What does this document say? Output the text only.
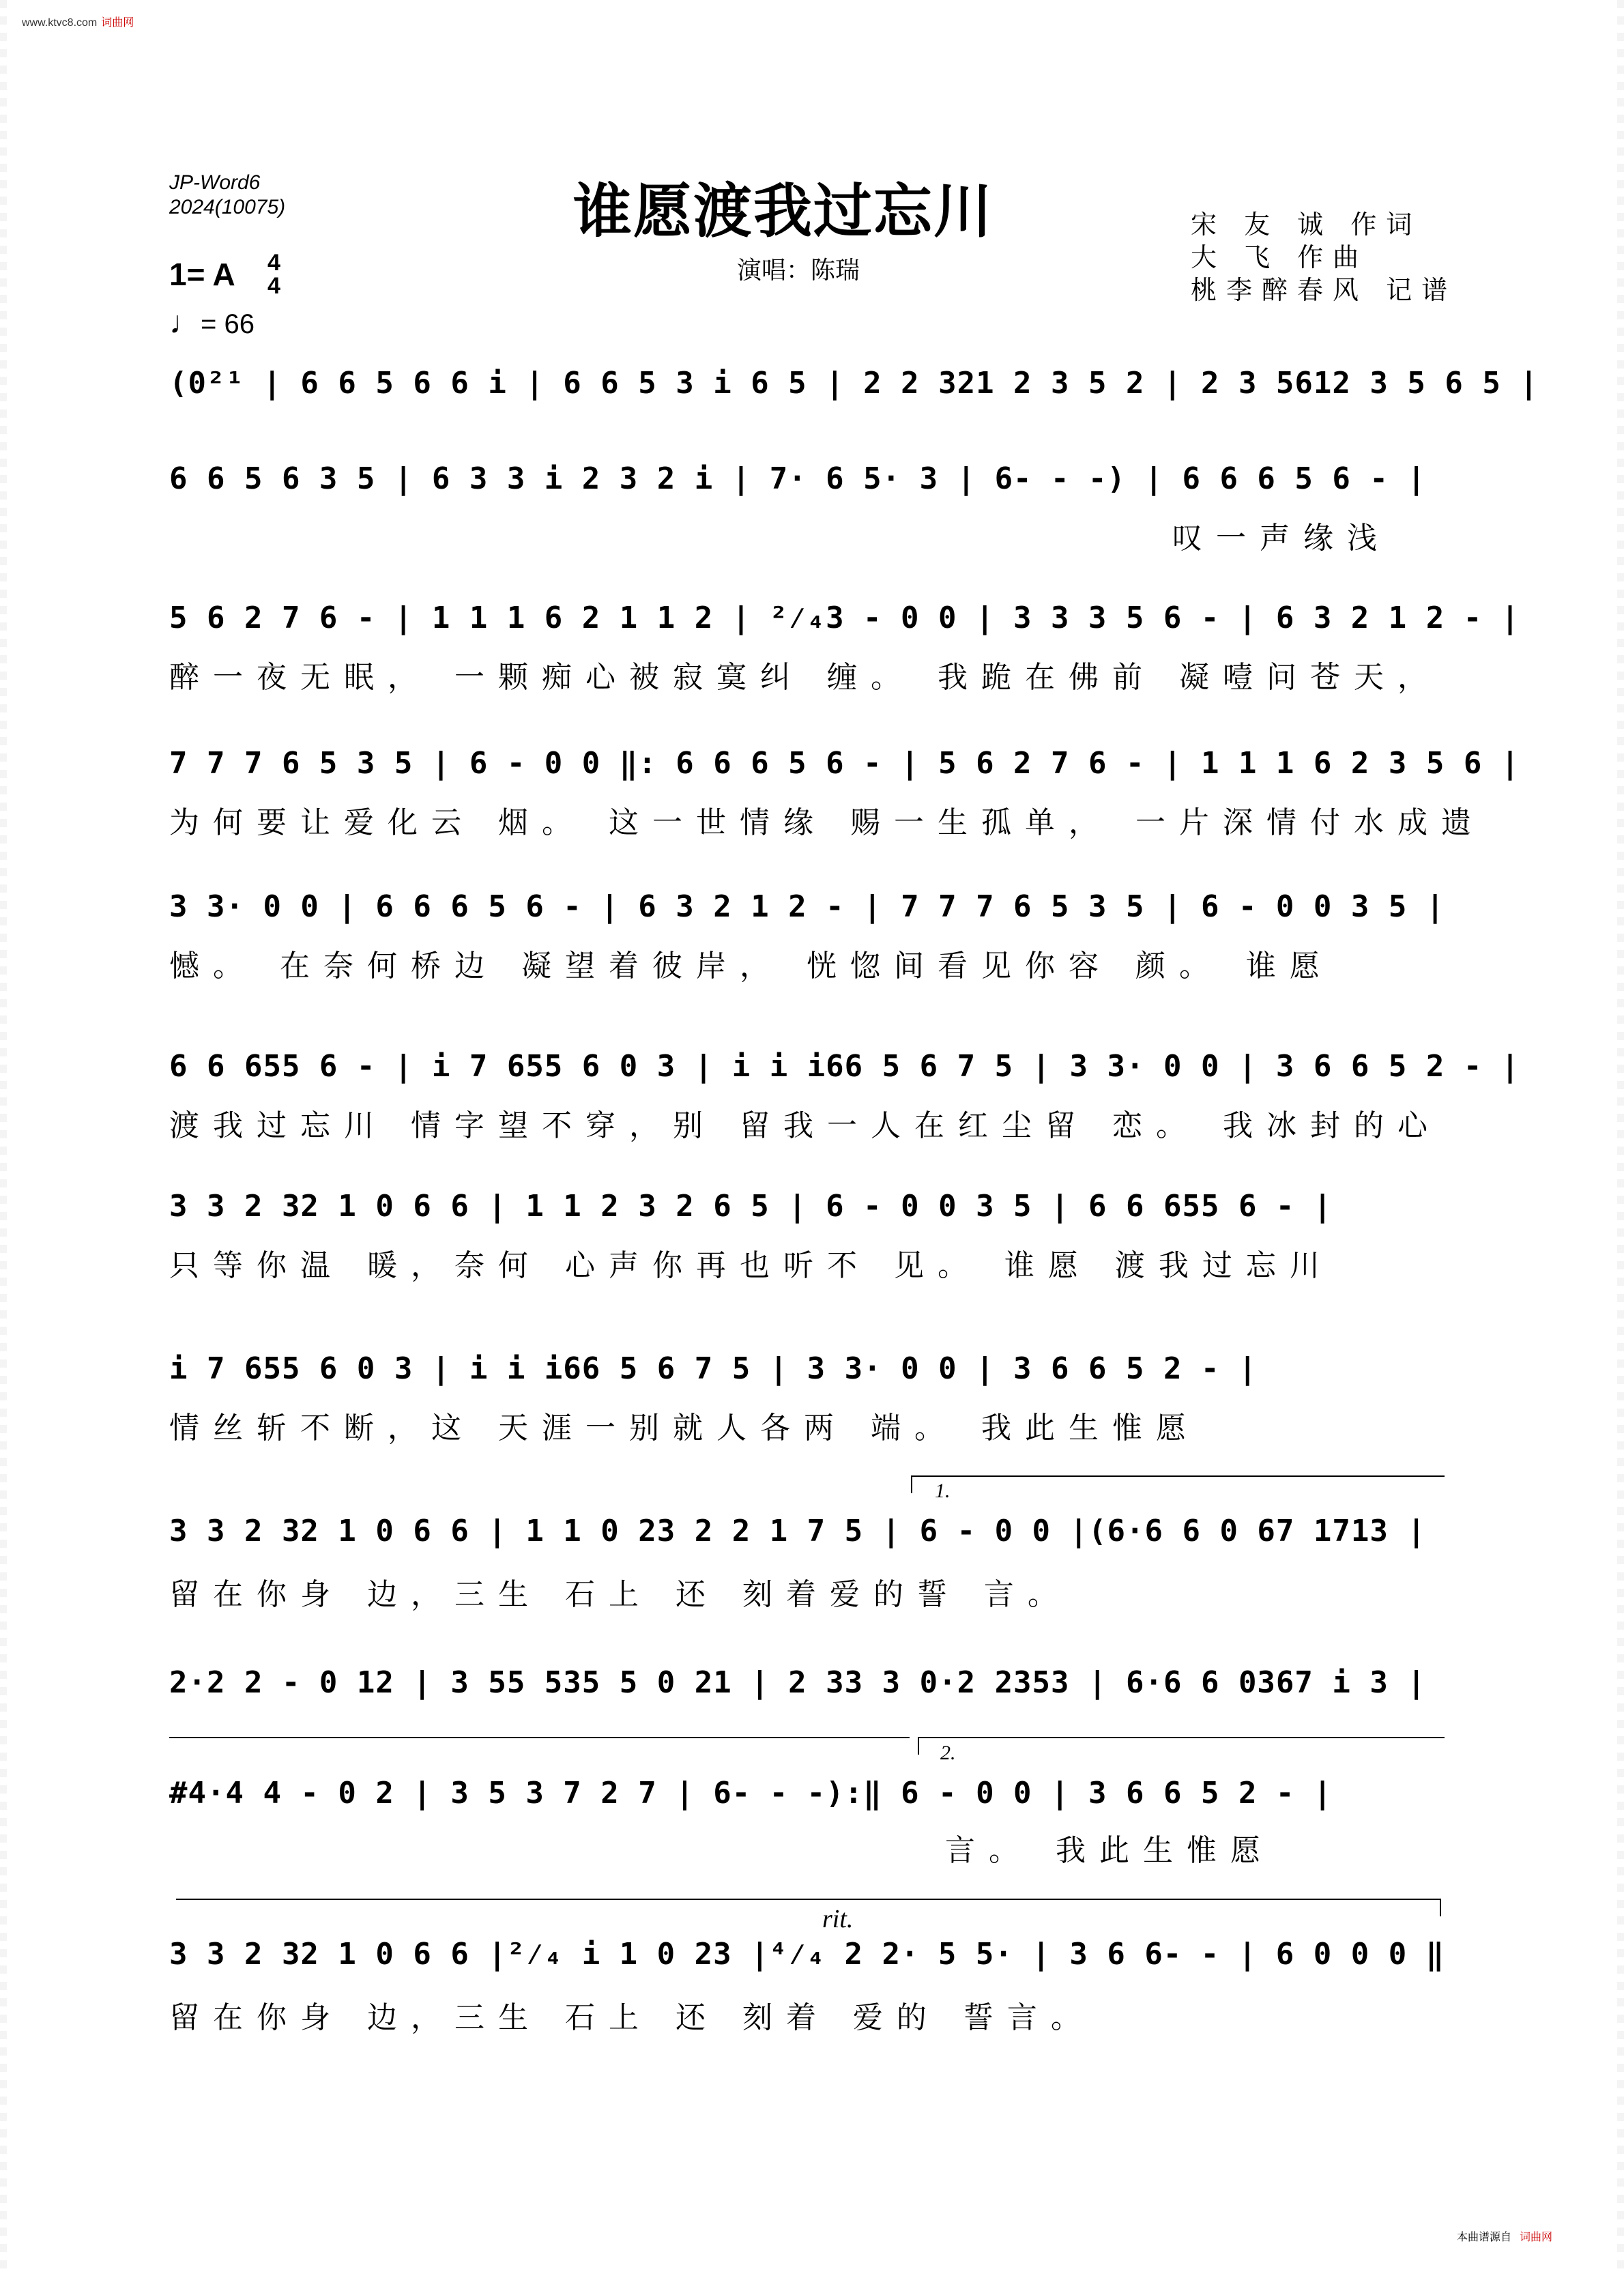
www.ktvc8.com 词曲网
JP-Word6
2024(10075)	谁愿渡我过忘川
演唱：陈瑞
宋 友 诚 作词
大 飞 作曲
桃李醉春风 记谱
1= A 4
4
♩= 66
(0²¹ | 6 6 5 6 6 i | 6 6 5 3 i 6 5 | 2 2 321 2 3 5 2 | 2 3 5612 3 5 6 5 |
6 6 5 6 3 5 | 6 3 3 i 2 3 2 i | 7· 6 5· 3 | 6- - -) | 6 6 6 5 6 - |
叹一声缘浅
5 6 2 7 6 - | 1 1 1 6 2 1 1 2 | ²⁄₄3 - 0 0 | 3 3 3 5 6 - | 6 3 2 1 2 - |
醉一夜无眠， 一颗痴心被寂寞纠 缠。 我跪在佛前 凝噎问苍天，
7 7 7 6 5 3 5 | 6 - 0 0 ‖: 6 6 6 5 6 - | 5 6 2 7 6 - | 1 1 1 6 2 3 5 6 |
为何要让爱化云 烟。 这一世情缘 赐一生孤单， 一片深情付水成遗
3 3· 0 0 | 6 6 6 5 6 - | 6 3 2 1 2 - | 7 7 7 6 5 3 5 | 6 - 0 0 3 5 |
憾。 在奈何桥边 凝望着彼岸， 恍惚间看见你容 颜。 谁愿
6 6 655 6 - | i 7 655 6 0 3 | i i i66 5 6 7 5 | 3 3· 0 0 | 3 6 6 5 2 - |
渡我过忘川 情字望不穿，别 留我一人在红尘留 恋。 我冰封的心
3 3 2 32 1 0 6 6 | 1 1 2 3 2 6 5 | 6 - 0 0 3 5 | 6 6 655 6 - |
只等你温 暖，奈何 心声你再也听不 见。 谁愿 渡我过忘川
i 7 655 6 0 3 | i i i66 5 6 7 5 | 3 3· 0 0 | 3 6 6 5 2 - |
情丝斩不断，这 天涯一别就人各两 端。 我此生惟愿
1.
3 3 2 32 1 0 6 6 | 1 1 0 23 2 2 1 7 5 | 6 - 0 0 |(6·6 6 0 67 1713 |
留在你身 边，三生 石上 还 刻着爱的誓 言。
2·2 2 - 0 12 | 3 55 535 5 0 21 | 2 33 3 0·2 2353 | 6·6 6 0367 i 3 |
2.
#4·4 4 - 0 2 | 3 5 3 7 2 7 | 6- - -):‖ 6 - 0 0 | 3 6 6 5 2 - |
言。 我此生惟愿
rit.
3 3 2 32 1 0 6 6 |²⁄₄ i 1 0 23 |⁴⁄₄ 2 2· 5 5· | 3 6 6- - | 6 0 0 0 ‖
留在你身 边，三生 石上 还 刻着 爱的 誓言。
本曲谱源自 词曲网
